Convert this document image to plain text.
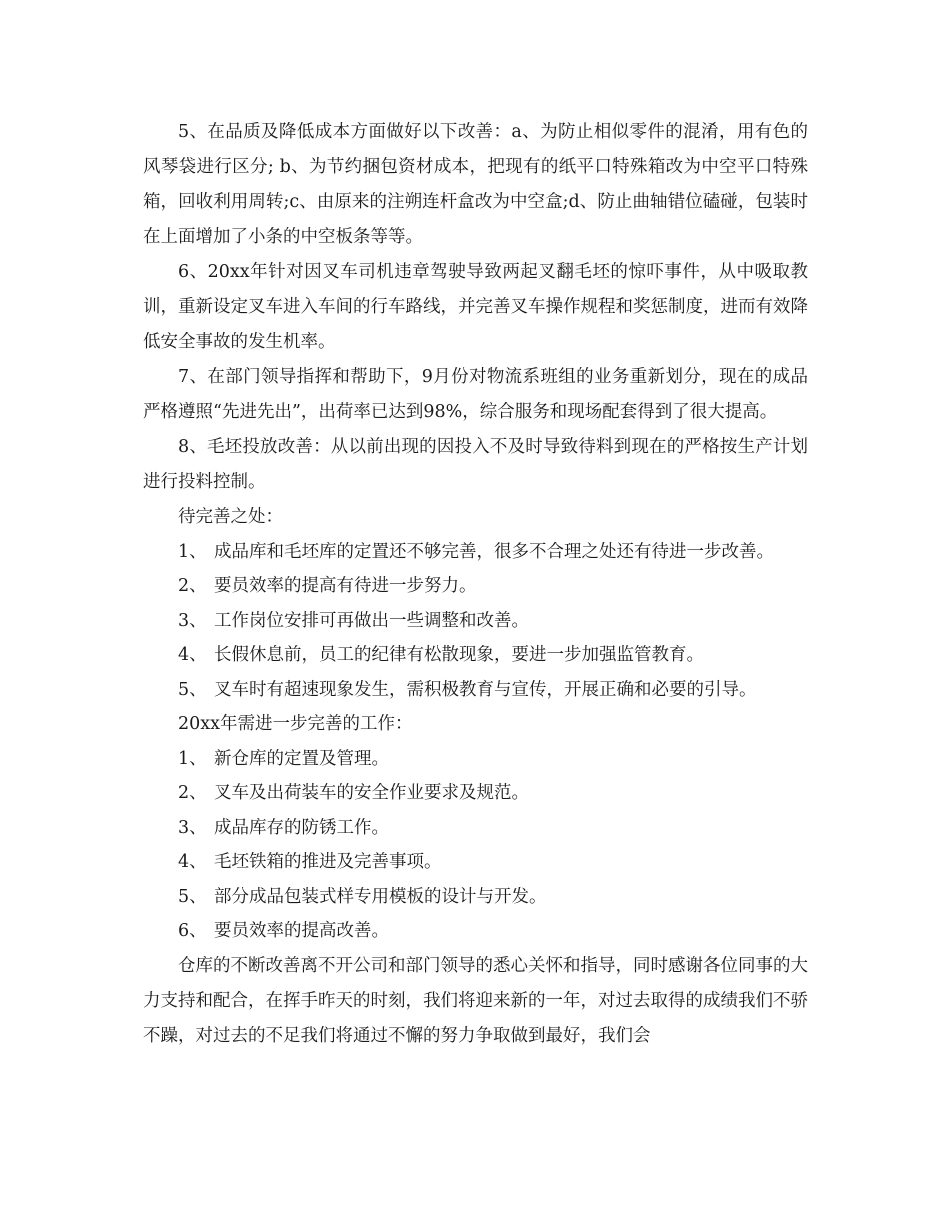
5、在品质及降低成本方面做好以下改善：a、为防止相似零件的混淆，用有色的风琴袋进行区分; b、为节约捆包资材成本，把现有的纸平口特殊箱改为中空平口特殊箱，回收利用周转;c、由原来的注朔连杆盒改为中空盒;d、防止曲轴错位磕碰，包装时在上面增加了小条的中空板条等等。

6、20xx年针对因叉车司机违章驾驶导致两起叉翻毛坯的惊吓事件，从中吸取教训，重新设定叉车进入车间的行车路线，并完善叉车操作规程和奖惩制度，进而有效降低安全事故的发生机率。

7、在部门领导指挥和帮助下，9月份对物流系班组的业务重新划分，现在的成品严格遵照“先进先出”，出荷率已达到98%，综合服务和现场配套得到了很大提高。

8、毛坯投放改善：从以前出现的因投入不及时导致待料到现在的严格按生产计划进行投料控制。

待完善之处：

1、 成品库和毛坯库的定置还不够完善，很多不合理之处还有待进一步改善。

2、 要员效率的提高有待进一步努力。

3、 工作岗位安排可再做出一些调整和改善。

4、 长假休息前，员工的纪律有松散现象，要进一步加强监管教育。

5、 叉车时有超速现象发生，需积极教育与宣传，开展正确和必要的引导。

20xx年需进一步完善的工作：

1、 新仓库的定置及管理。

2、 叉车及出荷装车的安全作业要求及规范。

3、 成品库存的防锈工作。

4、 毛坯铁箱的推进及完善事项。

5、 部分成品包装式样专用模板的设计与开发。

6、 要员效率的提高改善。

仓库的不断改善离不开公司和部门领导的悉心关怀和指导，同时感谢各位同事的大力支持和配合，在挥手昨天的时刻，我们将迎来新的一年，对过去取得的成绩我们不骄不躁，对过去的不足我们将通过不懈的努力争取做到最好，我们会
